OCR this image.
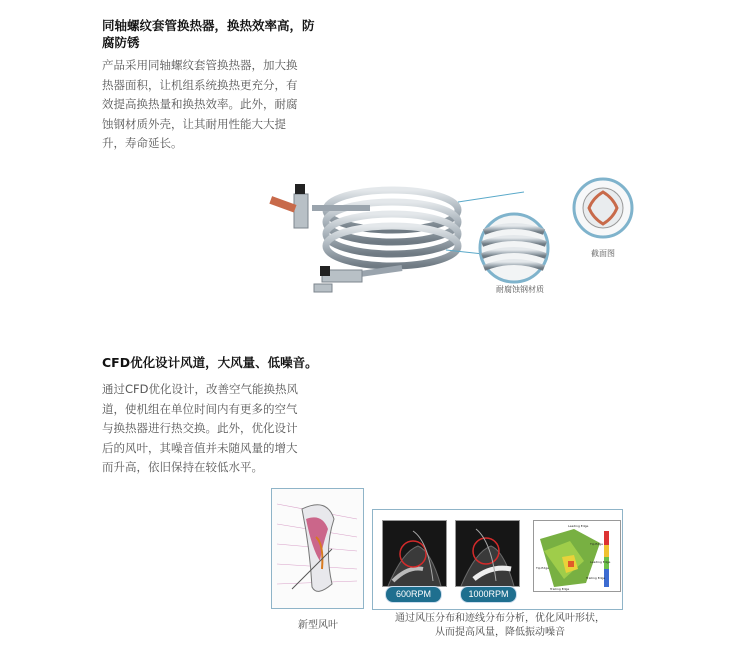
同轴螺纹套管换热器，换热效率高，防
腐防锈

产品采用同轴螺纹套管换热器，加大换
热器面积，让机组系统换热更充分，有
效提高换热量和换热效率。此外，耐腐
蚀钢材质外壳，让其耐用性能大大提
升，寿命延长。

截面图
耐腐蚀钢材质

CFD优化设计风道，大风量、低噪音。

通过CFD优化设计，改善空气能换热风
道，使机组在单位时间内有更多的空气
与换热器进行热交换。此外，优化设计
后的风叶，其噪音值并未随风量的增大
而升高，依旧保持在较低水平。

新型风叶
600RPM	1000RPM
Leading Edge
Tip Edge
Leading Edge
Trailing Edge
Tip Edge
Trailing Edge
通过风压分布和迹线分布分析，优化风叶形状，
从而提高风量，降低振动噪音
